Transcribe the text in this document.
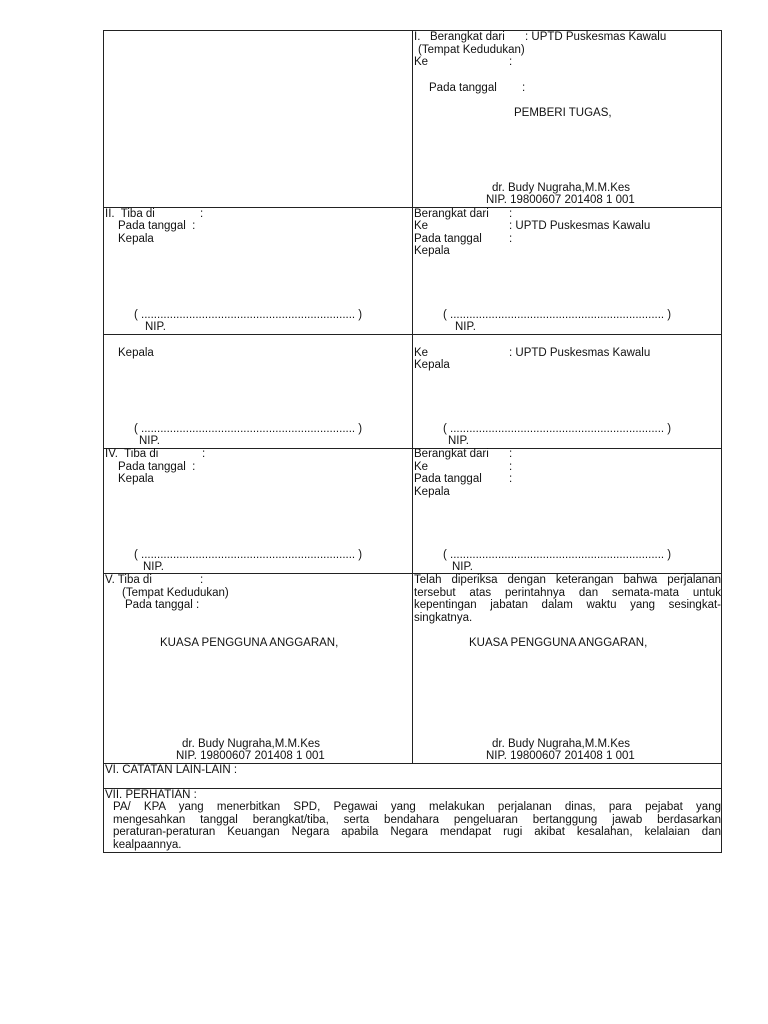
I.   Berangkat dari : UPTD Puskesmas Kawalu
(Tempat Kedudukan)
Ke	:
Pada tanggal :
PEMBERI TUGAS,
dr. Budy Nugraha,M.M.Kes
NIP. 19800607 201408 1 001
II.  Tiba di	:
Pada tanggal  :
Kepala
( ................................................................... )
NIP.
Berangkat dari :
Ke	: UPTD Puskesmas Kawalu
Pada tanggal :
Kepala
( ................................................................... )
NIP.
Kepala
( ................................................................... )
NIP.
Ke	: UPTD Puskesmas Kawalu
Kepala
( ................................................................... )
NIP.
IV.  Tiba di	:
Pada tanggal  :
Kepala
( ................................................................... )
NIP.
Berangkat dari :
Ke	:
Pada tanggal :
Kepala
( ................................................................... )
NIP.
V. Tiba di	:
(Tempat Kedudukan)
Pada tanggal :
KUASA PENGGUNA ANGGARAN,
dr. Budy Nugraha,M.M.Kes
NIP. 19800607 201408 1 001
Telah diperiksa dengan keterangan bahwa perjalanan
tersebut atas perintahnya dan semata-mata untuk
kepentingan jabatan dalam waktu yang sesingkat-
singkatnya.
KUASA PENGGUNA ANGGARAN,
dr. Budy Nugraha,M.M.Kes
NIP. 19800607 201408 1 001
VI. CATATAN LAIN-LAIN :
VII. PERHATIAN :
PA/ KPA yang menerbitkan SPD, Pegawai yang melakukan perjalanan dinas, para pejabat yang
mengesahkan tanggal berangkat/tiba, serta bendahara pengeluaran bertanggung jawab berdasarkan
peraturan-peraturan Keuangan Negara apabila Negara mendapat rugi akibat kesalahan, kelalaian dan
kealpaannya.
